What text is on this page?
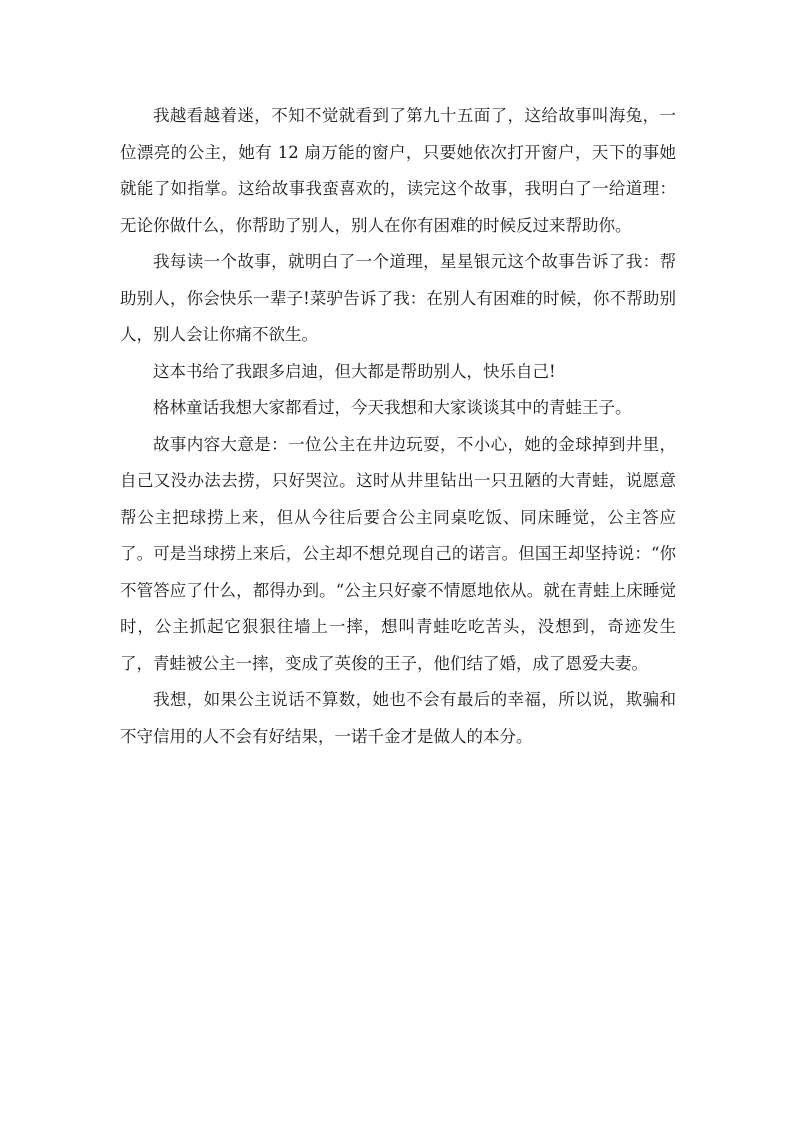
我越看越着迷，不知不觉就看到了第九十五面了，这给故事叫海兔，一位漂亮的公主，她有 12 扇万能的窗户，只要她依次打开窗户，天下的事她就能了如指掌。这给故事我蛮喜欢的，读完这个故事，我明白了一给道理：无论你做什么，你帮助了别人，别人在你有困难的时候反过来帮助你。

我每读一个故事，就明白了一个道理，星星银元这个故事告诉了我：帮助别人，你会快乐一辈子!菜驴告诉了我：在别人有困难的时候，你不帮助别人，别人会让你痛不欲生。

这本书给了我跟多启迪，但大都是帮助别人，快乐自己!

格林童话我想大家都看过，今天我想和大家谈谈其中的青蛙王子。

故事内容大意是：一位公主在井边玩耍，不小心，她的金球掉到井里，自己又没办法去捞，只好哭泣。这时从井里钻出一只丑陋的大青蛙，说愿意帮公主把球捞上来，但从今往后要合公主同桌吃饭、同床睡觉，公主答应了。可是当球捞上来后，公主却不想兑现自己的诺言。但国王却坚持说：“你不管答应了什么，都得办到。“公主只好豪不情愿地依从。就在青蛙上床睡觉时，公主抓起它狠狠往墙上一摔，想叫青蛙吃吃苦头，没想到，奇迹发生了，青蛙被公主一摔，变成了英俊的王子，他们结了婚，成了恩爱夫妻。

我想，如果公主说话不算数，她也不会有最后的幸福，所以说，欺骗和不守信用的人不会有好结果，一诺千金才是做人的本分。
